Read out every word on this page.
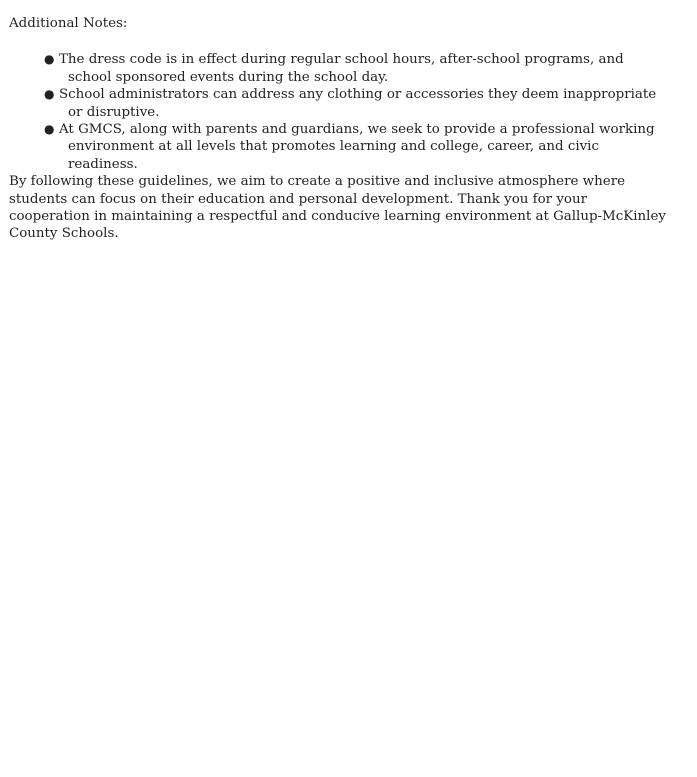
Additional Notes:

● The dress code is in effect during regular school hours, after-school programs, and school sponsored events during the school day.
● School administrators can address any clothing or accessories they deem inappropriate or disruptive.
● At GMCS, along with parents and guardians, we seek to provide a professional working environment at all levels that promotes learning and college, career, and civic readiness.

By following these guidelines, we aim to create a positive and inclusive atmosphere where students can focus on their education and personal development. Thank you for your cooperation in maintaining a respectful and conducive learning environment at Gallup-McKinley County Schools.
